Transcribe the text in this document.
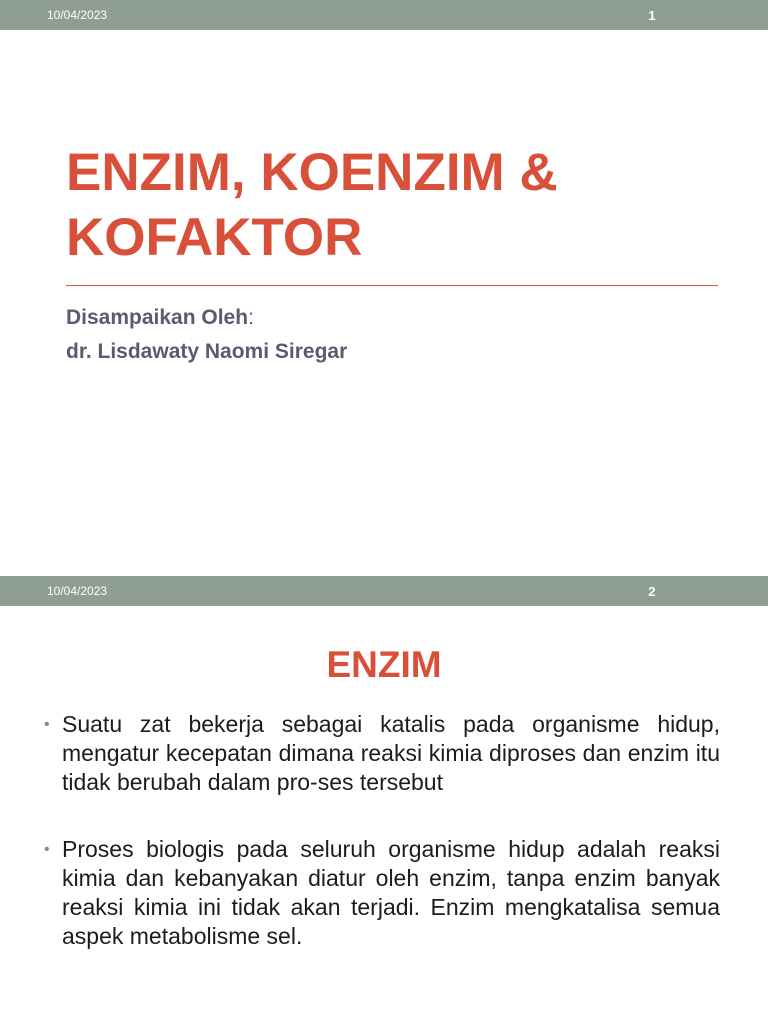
10/04/2023	1
ENZIM, KOENZIM &
KOFAKTOR
Disampaikan Oleh:
dr. Lisdawaty Naomi Siregar
10/04/2023	2
ENZIM
• Suatu zat bekerja sebagai katalis pada organisme hidup, mengatur kecepatan dimana reaksi kimia diproses dan enzim itu tidak berubah dalam pro-ses tersebut
• Proses biologis pada seluruh organisme hidup adalah reaksi kimia dan kebanyakan diatur oleh enzim, tanpa enzim banyak reaksi kimia ini tidak akan terjadi. Enzim mengkatalisa semua aspek metabolisme sel.
